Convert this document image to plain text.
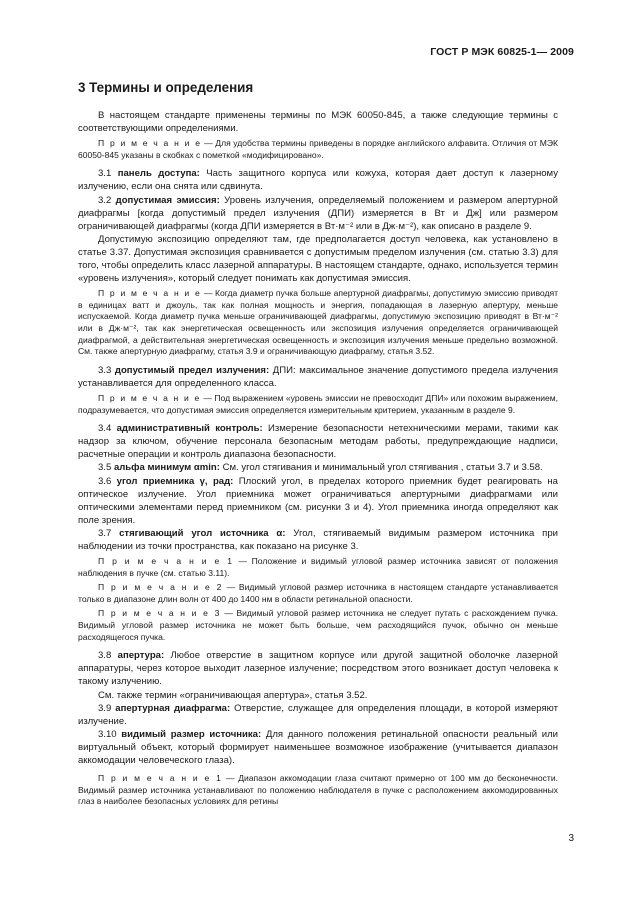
ГОСТ Р МЭК 60825-1— 2009
3 Термины и определения

В настоящем стандарте применены термины по МЭК 60050-845, а также следующие термины с соответствующими определениями.

П р и м е ч а н и е — Для удобства термины приведены в порядке английского алфавита. Отличия от МЭК 60050-845 указаны в скобках с пометкой «модифицировано».

3.1 панель доступа: Часть защитного корпуса или кожуха, которая дает доступ к лазерному излучению, если она снята или сдвинута.

3.2 допустимая эмиссия: Уровень излучения, определяемый положением и размером апертурной диафрагмы [когда допустимый предел излучения (ДПИ) измеряется в Вт и Дж] или размером ограничивающей диафрагмы (когда ДПИ измеряется в Вт·м⁻² или в Дж·м⁻²), как описано в разделе 9.

Допустимую экспозицию определяют там, где предполагается доступ человека, как установлено в статье 3.37. Допустимая экспозиция сравнивается с допустимым пределом излучения (см. статью 3.3) для того, чтобы определить класс лазерной аппаратуры. В настоящем стандарте, однако, используется термин «уровень излучения», который следует понимать как допустимая эмиссия.

П р и м е ч а н и е — Когда диаметр пучка больше апертурной диафрагмы, допустимую эмиссию приводят в единицах ватт и джоуль, так как полная мощность и энергия, попадающая в лазерную апертуру, меньше испускаемой. Когда диаметр пучка меньше ограничивающей диафрагмы, допустимую экспозицию приводят в Вт·м⁻² или в Дж·м⁻², так как энергетическая освещенность или экспозиция излучения определяется ограничивающей диафрагмой, а действительная энергетическая освещенность и экспозиция излучения меньше предельно возможной. См. также апертурную диафрагму, статья 3.9 и ограничивающую диафрагму, статья 3.52.

3.3 допустимый предел излучения: ДПИ: максимальное значение допустимого предела излучения устанавливается для определенного класса.

П р и м е ч а н и е — Под выражением «уровень эмиссии не превосходит ДПИ» или похожим выражением, подразумевается, что допустимая эмиссия определяется измерительным критерием, указанным в разделе 9.

3.4 административный контроль: Измерение безопасности нетехническими мерами, такими как надзор за ключом, обучение персонала безопасным методам работы, предупреждающие надписи, расчетные операции и контроль диапазона безопасности.

3.5 альфа минимум αmin: См. угол стягивания и минимальный угол стягивания , статьи 3.7 и 3.58.

3.6 угол приемника γ, рад: Плоский угол, в пределах которого приемник будет реагировать на оптическое излучение. Угол приемника может ограничиваться апертурными диафрагмами или оптическими элементами перед приемником (см. рисунки 3 и 4). Угол приемника иногда определяют как поле зрения.

3.7 стягивающий угол источника α: Угол, стягиваемый видимым размером источника при наблюдении из точки пространства, как показано на рисунке 3.

П р и м е ч а н и е 1 — Положение и видимый угловой размер источника зависят от положения наблюдения в пучке (см. статью 3.11).

П р и м е ч а н и е 2 — Видимый угловой размер источника в настоящем стандарте устанавливается только в диапазоне длин волн от 400 до 1400 нм в области ретинальной опасности.

П р и м е ч а н и е 3 — Видимый угловой размер источника не следует путать с расхождением пучка. Видимый угловой размер источника не может быть больше, чем расходящийся пучок, обычно он меньше расходящегося пучка.

3.8 апертура: Любое отверстие в защитном корпусе или другой защитной оболочке лазерной аппаратуры, через которое выходит лазерное излучение; посредством этого возникает доступ человека к такому излучению.

См. также термин «ограничивающая апертура», статья 3.52.

3.9 апертурная диафрагма: Отверстие, служащее для определения площади, в которой измеряют излучение.

3.10 видимый размер источника: Для данного положения ретинальной опасности реальный или виртуальный объект, который формирует наименьшее возможное изображение (учитывается диапазон аккомодации человеческого глаза).

П р и м е ч а н и е 1 — Диапазон аккомодации глаза считают примерно от 100 мм до бесконечности. Видимый размер источника устанавливают по положению наблюдателя в пучке с расположением аккомодированных глаз в наиболее безопасных условиях для ретины

3
